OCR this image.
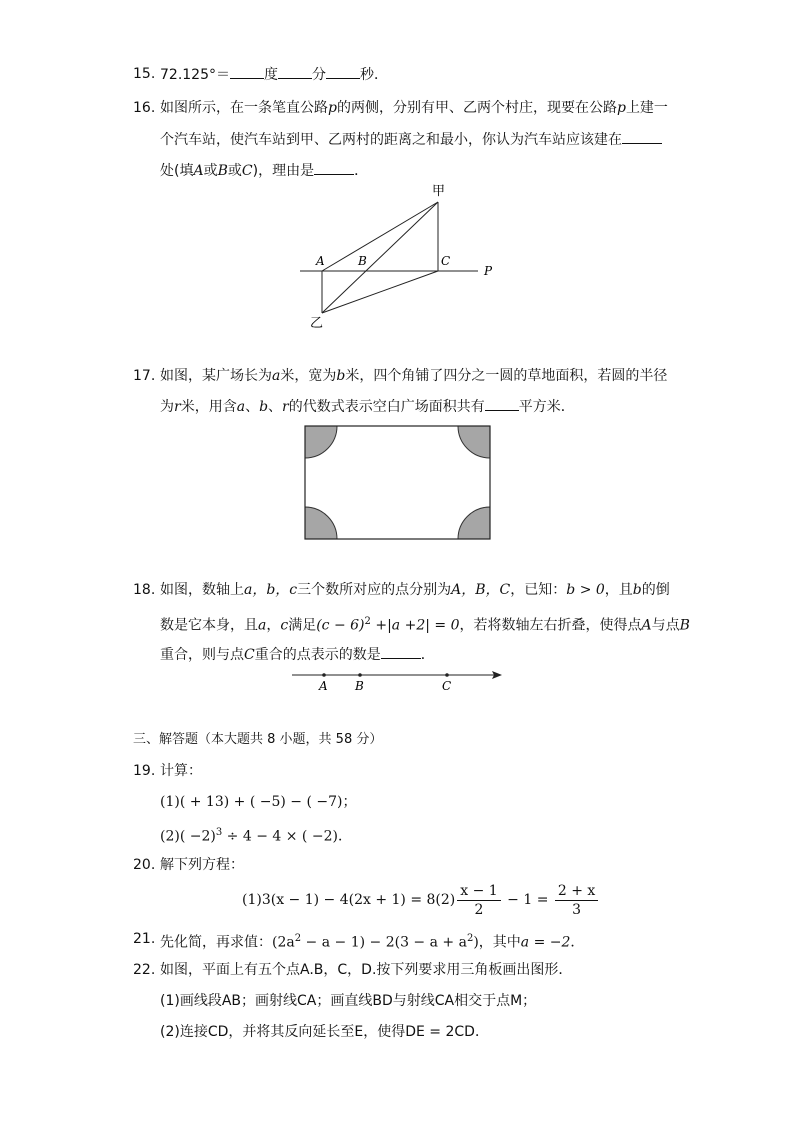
15. 72.125°＝ 度 分 秒．
16. 如图所示，在一条笔直公路p的两侧，分别有甲、乙两个村庄，现要在公路p上建一
个汽车站，使汽车站到甲、乙两村的距离之和最小，你认为汽车站应该建在
处(填A或B或C)，理由是	．
甲
乙
A	B	C
P
17. 如图，某广场长为a米，宽为b米，四个角铺了四分之一圆的草地面积，若圆的半径
为r米，用含a、b、r的代数式表示空白广场面积共有 平方米．
18. 如图，数轴上a，b，c三个数所对应的点分别为A，B，C，已知：b > 0，且b的倒
数是它本身，且a，c满足$(c - 6)^2 +|a +2| = 0$，若将数轴左右折叠，使得点A与点B
重合，则与点C重合的点表示的数是	．
A B	C
三、解答题（本大题共 8 小题，共 58 分）
19. 计算：
(1)( + 13) + ( −5) − ( −7)；
$(2)( -2)^3 \div 4 - 4$ × ( −2)．
20. 解下列方程：
$(1)3(x - 1) - 4(2x + 1) = 8(2) \frac{x - 1}{2} - 1 = \frac{2 + x}{3}$
21. 先化简，再求值：$(2a^2 - a - 1) - 2(3 - a + a^2)$，其中a = −2．
22. 如图，平面上有五个点A.B，C，D.按下列要求用三角板画出图形．
(1)画线段AB；画射线CA；画直线BD与射线CA相交于点M；
(2)连接CD，并将其反向延长至E，使得DE = 2CD．
